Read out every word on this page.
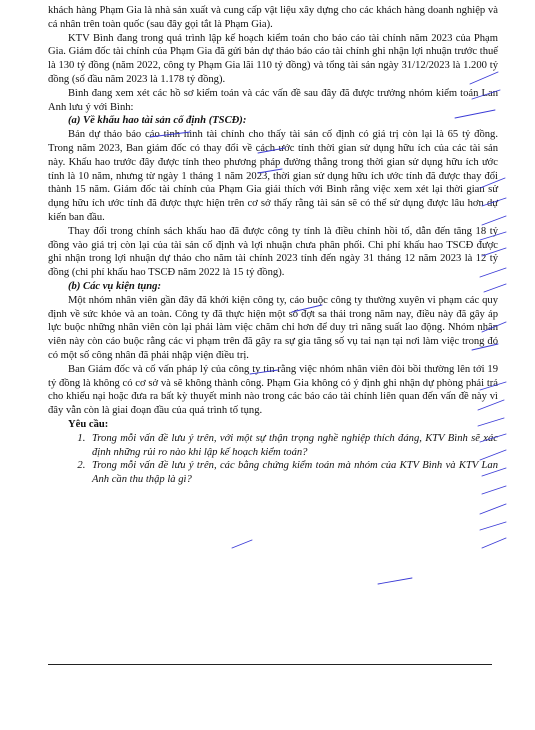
khách hàng Phạm Gia là nhà sản xuất và cung cấp vật liệu xây dựng cho các khách hàng doanh nghiệp và cá nhân trên toàn quốc (sau đây gọi tắt là Phạm Gia).

KTV Bình đang trong quá trình lập kế hoạch kiểm toán cho báo cáo tài chính năm 2023 của Phạm Gia. Giám đốc tài chính của Phạm Gia đã gửi bản dự thảo báo cáo tài chính ghi nhận lợi nhuận trước thuế là 130 tỷ đồng (năm 2022, công ty Phạm Gia lãi 110 tỷ đồng) và tổng tài sản ngày 31/12/2023 là 1.200 tỷ đồng (số đầu năm 2023 là 1.178 tỷ đồng).

Bình đang xem xét các hồ sơ kiểm toán và các vấn đề sau đây đã được trưởng nhóm kiểm toán Lan Anh lưu ý với Bình:

(a) Về khấu hao tài sản cố định (TSCĐ):

Bản dự thảo báo cáo tình hình tài chính cho thấy tài sản cố định có giá trị còn lại là 65 tỷ đồng. Trong năm 2023, Ban giám đốc có thay đổi về cách ước tính thời gian sử dụng hữu ích của các tài sản này. Khấu hao trước đây được tính theo phương pháp đường thẳng trong thời gian sử dụng hữu ích ước tính là 10 năm, nhưng từ ngày 1 tháng 1 năm 2023, thời gian sử dụng hữu ích ước tính đã được thay đổi thành 15 năm. Giám đốc tài chính của Phạm Gia giải thích với Bình rằng việc xem xét lại thời gian sử dụng hữu ích ước tính đã được thực hiện trên cơ sở thấy rằng tài sản sẽ có thể sử dụng được lâu hơn dự kiến ban đầu.

Thay đổi trong chính sách khấu hao đã được công ty tính là điều chỉnh hồi tố, dẫn đến tăng 18 tỷ đồng vào giá trị còn lại của tài sản cố định và lợi nhuận chưa phân phối. Chi phí khấu hao TSCĐ được ghi nhận trong lợi nhuận dự thảo cho năm tài chính 2023 tính đến ngày 31 tháng 12 năm 2023 là 12 tỷ đồng (chi phí khấu hao TSCĐ năm 2022 là 15 tỷ đồng).

(b) Các vụ kiện tụng:

Một nhóm nhân viên gần đây đã khởi kiện công ty, cáo buộc công ty thường xuyên vi phạm các quy định về sức khỏe và an toàn. Công ty đã thực hiện một số đợt sa thải trong năm nay, điều này đã gây áp lực buộc những nhân viên còn lại phải làm việc chăm chỉ hơn để duy trì năng suất lao động. Nhóm nhân viên này còn cáo buộc rằng các vi phạm trên đã gây ra sự gia tăng số vụ tai nạn tại nơi làm việc trong đó có một số công nhân đã phải nhập viện điều trị.

Ban Giám đốc và cố vấn pháp lý của công ty tin rằng việc nhóm nhân viên đòi bồi thường lên tới 19 tỷ đồng là không có cơ sở và sẽ không thành công. Phạm Gia không có ý định ghi nhận dự phòng phải trả cho khiếu nại hoặc đưa ra bất kỳ thuyết minh nào trong các báo cáo tài chính liên quan đến vấn đề này vì đây vẫn còn là giai đoạn đầu của quá trình tố tụng.

Yêu cầu:

1. Trong mỗi vấn đề lưu ý trên, với một sự thận trọng nghề nghiệp thích đáng, KTV Bình sẽ xác định những rủi ro nào khi lập kế hoạch kiểm toán?
2. Trong mỗi vấn đề lưu ý trên, các bằng chứng kiểm toán mà nhóm của KTV Bình và KTV Lan Anh cần thu thập là gì?
